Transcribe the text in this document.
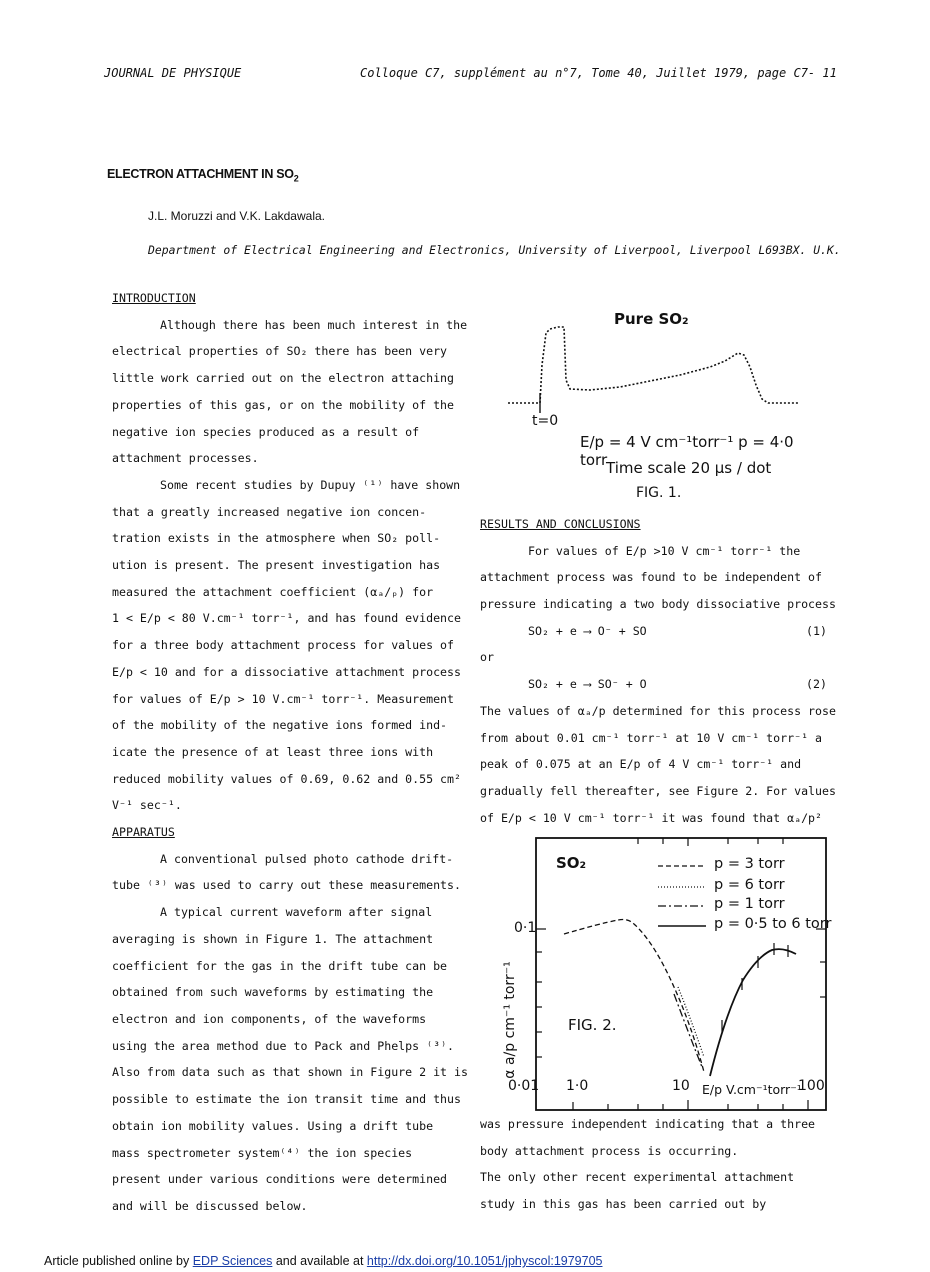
JOURNAL DE PHYSIQUE	Colloque C7, supplément au n°7, Tome 40, Juillet 1979, page C7- 11
ELECTRON ATTACHMENT IN $SO_2$
J.L. Moruzzi and V.K. Lakdawala.
Department of Electrical Engineering and Electronics, University of Liverpool, Liverpool L693BX. U.K.

INTRODUCTION

Although there has been much interest in the

electrical properties of SO₂ there has been very

little work carried out on the electron attaching

properties of this gas, or on the mobility of the

negative ion species produced as a result of

attachment processes.

Some recent studies by Dupuy ⁽¹⁾ have shown

that a greatly increased negative ion concen-

tration exists in the atmosphere when SO₂ poll-

ution is present. The present investigation has

measured the attachment coefficient (αₐ/ₚ) for

1 < E/p < 80 V.cm⁻¹ torr⁻¹, and has found evidence

for a three body attachment process for values of

E/p < 10 and for a dissociative attachment process

for values of E/p > 10 V.cm⁻¹ torr⁻¹. Measurement

of the mobility of the negative ions formed ind-

icate the presence of at least three ions with

reduced mobility values of 0.69, 0.62 and 0.55 cm²

V⁻¹ sec⁻¹.

APPARATUS

A conventional pulsed photo cathode drift-

tube ⁽³⁾ was used to carry out these measurements.

A typical current waveform after signal

averaging is shown in Figure 1. The attachment

coefficient for the gas in the drift tube can be

obtained from such waveforms by estimating the

electron and ion components, of the waveforms

using the area method due to Pack and Phelps ⁽³⁾.

Also from data such as that shown in Figure 2 it is

possible to estimate the ion transit time and thus

obtain ion mobility values. Using a drift tube

mass spectrometer system⁽⁴⁾ the ion species

present under various conditions were determined

and will be discussed below.

Pure SO₂
t=0
E/p = 4 V cm⁻¹torr⁻¹ p = 4·0 torr
Time scale 20 μs / dot
FIG. 1.

RESULTS AND CONCLUSIONS

For values of E/p >10 V cm⁻¹ torr⁻¹ the

attachment process was found to be independent of

pressure indicating a two body dissociative process

SO₂ + e ⟶ O⁻ + SO	(1)
or
SO₂ + e ⟶ SO⁻ + O	(2)

The values of αₐ/p determined for this process rose

from about 0.01 cm⁻¹ torr⁻¹ at 10 V cm⁻¹ torr⁻¹ a

peak of 0.075 at an E/p of 4 V cm⁻¹ torr⁻¹ and

gradually fell thereafter, see Figure 2. For values

of E/p < 10 V cm⁻¹ torr⁻¹ it was found that αₐ/p²

SO₂	p = 3 torr
p = 6 torr
p = 1 torr
p = 0·5 to 6 torr
0·1
0·01 1·0	10	100
E/p V.cm⁻¹torr⁻¹
α a/p cm⁻¹ torr⁻¹	FIG. 2.

was pressure independent indicating that a three

body attachment process is occurring.

The only other recent experimental attachment

study in this gas has been carried out by

Article published online by EDP Sciences and available at http://dx.doi.org/10.1051/jphyscol:1979705
